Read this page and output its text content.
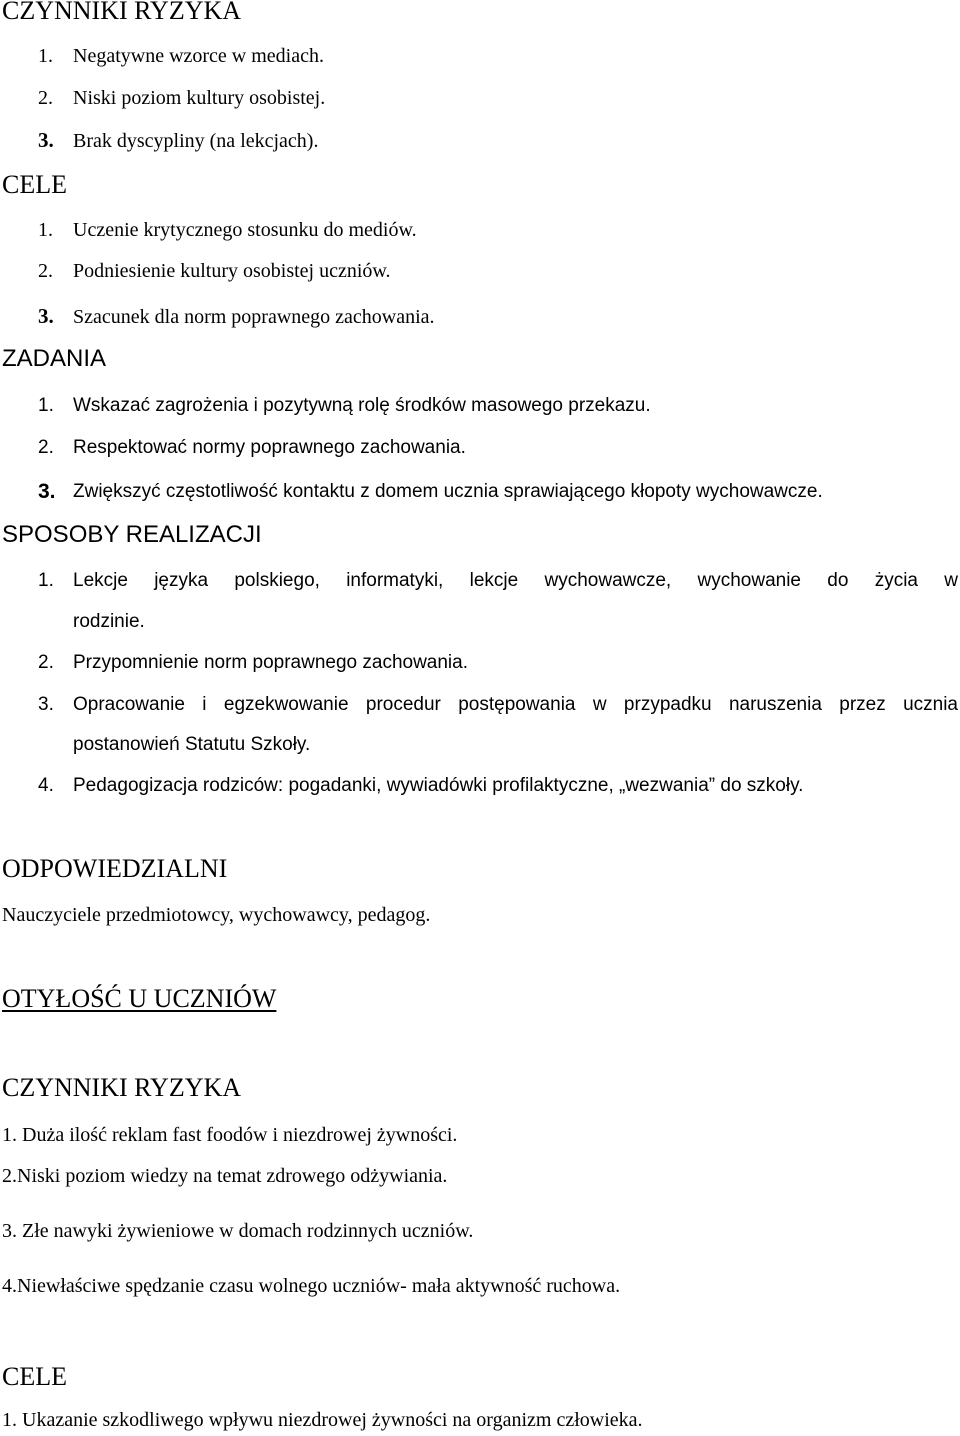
CZYNNIKI RYZYKA
1. Negatywne wzorce w mediach.
2. Niski poziom kultury osobistej.
3. Brak dyscypliny (na lekcjach).
CELE
1. Uczenie krytycznego stosunku do mediów.
2. Podniesienie kultury osobistej uczniów.
3. Szacunek dla norm poprawnego zachowania.
ZADANIA
1. Wskazać zagrożenia i pozytywną rolę środków masowego przekazu.
2. Respektować normy poprawnego zachowania.
3. Zwiększyć częstotliwość kontaktu z domem ucznia sprawiającego kłopoty wychowawcze.
SPOSOBY REALIZACJI
1. Lekcje języka polskiego, informatyki, lekcje wychowawcze, wychowanie do życia w
rodzinie.
2. Przypomnienie norm poprawnego zachowania.
3. Opracowanie i egzekwowanie procedur postępowania w przypadku naruszenia przez ucznia
postanowień Statutu Szkoły.
4. Pedagogizacja rodziców: pogadanki, wywiadówki profilaktyczne, „wezwania” do szkoły.
ODPOWIEDZIALNI
Nauczyciele przedmiotowcy, wychowawcy, pedagog.
OTYŁOŚĆ U UCZNIÓW
CZYNNIKI RYZYKA
1. Duża ilość reklam fast foodów i niezdrowej żywności.
2.Niski poziom wiedzy na temat zdrowego odżywiania.
3. Złe nawyki żywieniowe w domach rodzinnych uczniów.
4.Niewłaściwe spędzanie czasu wolnego uczniów- mała aktywność ruchowa.
CELE
1. Ukazanie szkodliwego wpływu niezdrowej żywności na organizm człowieka.
